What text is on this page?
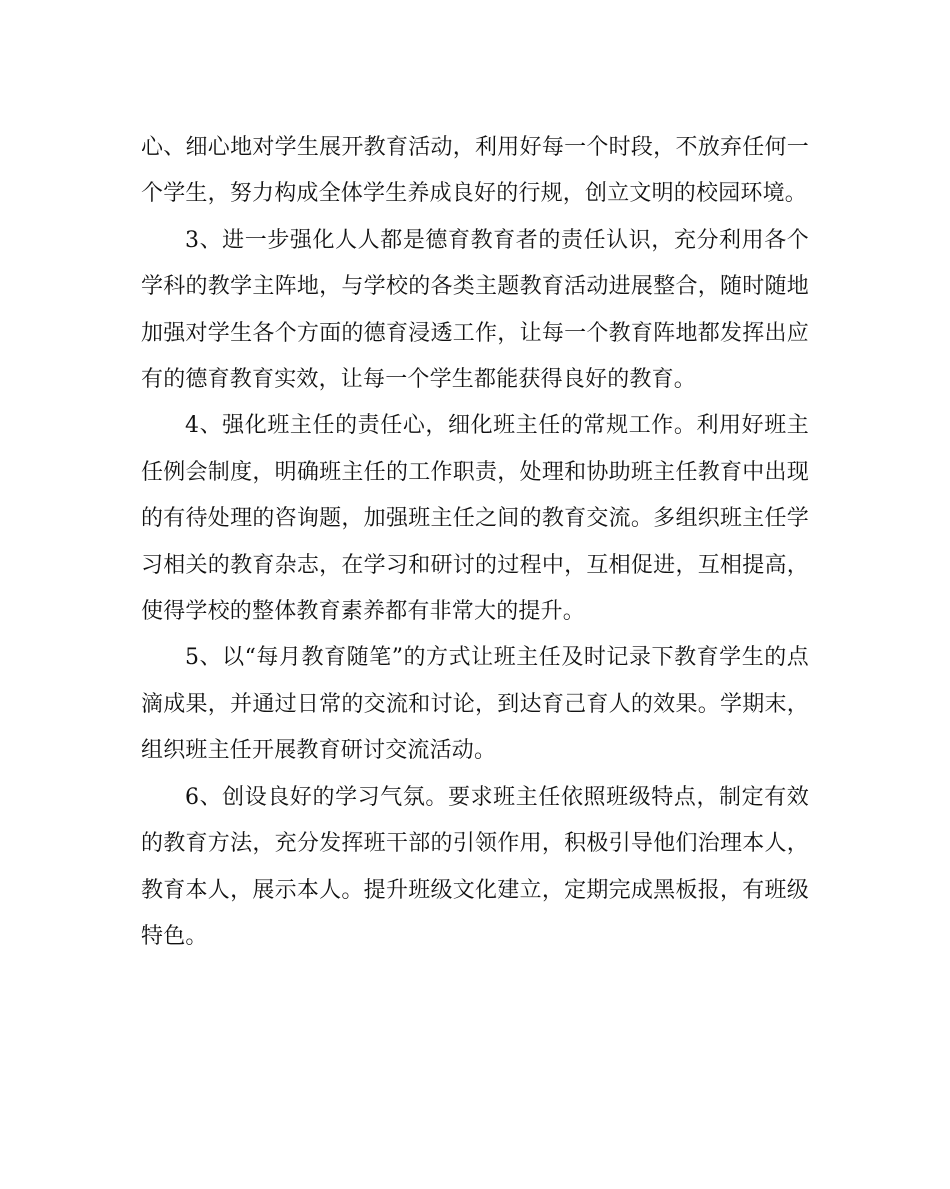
心、细心地对学生展开教育活动，利用好每一个时段，不放弃任何一个学生，努力构成全体学生养成良好的行规，创立文明的校园环境。

3、进一步强化人人都是德育教育者的责任认识，充分利用各个学科的教学主阵地，与学校的各类主题教育活动进展整合，随时随地加强对学生各个方面的德育浸透工作，让每一个教育阵地都发挥出应有的德育教育实效，让每一个学生都能获得良好的教育。

4、强化班主任的责任心，细化班主任的常规工作。利用好班主任例会制度，明确班主任的工作职责，处理和协助班主任教育中出现的有待处理的咨询题，加强班主任之间的教育交流。多组织班主任学习相关的教育杂志，在学习和研讨的过程中，互相促进，互相提高，使得学校的整体教育素养都有非常大的提升。

5、以“每月教育随笔”的方式让班主任及时记录下教育学生的点滴成果，并通过日常的交流和讨论，到达育己育人的效果。学期末，组织班主任开展教育研讨交流活动。

6、创设良好的学习气氛。要求班主任依照班级特点，制定有效的教育方法，充分发挥班干部的引领作用，积极引导他们治理本人，教育本人，展示本人。提升班级文化建立，定期完成黑板报，有班级特色。
